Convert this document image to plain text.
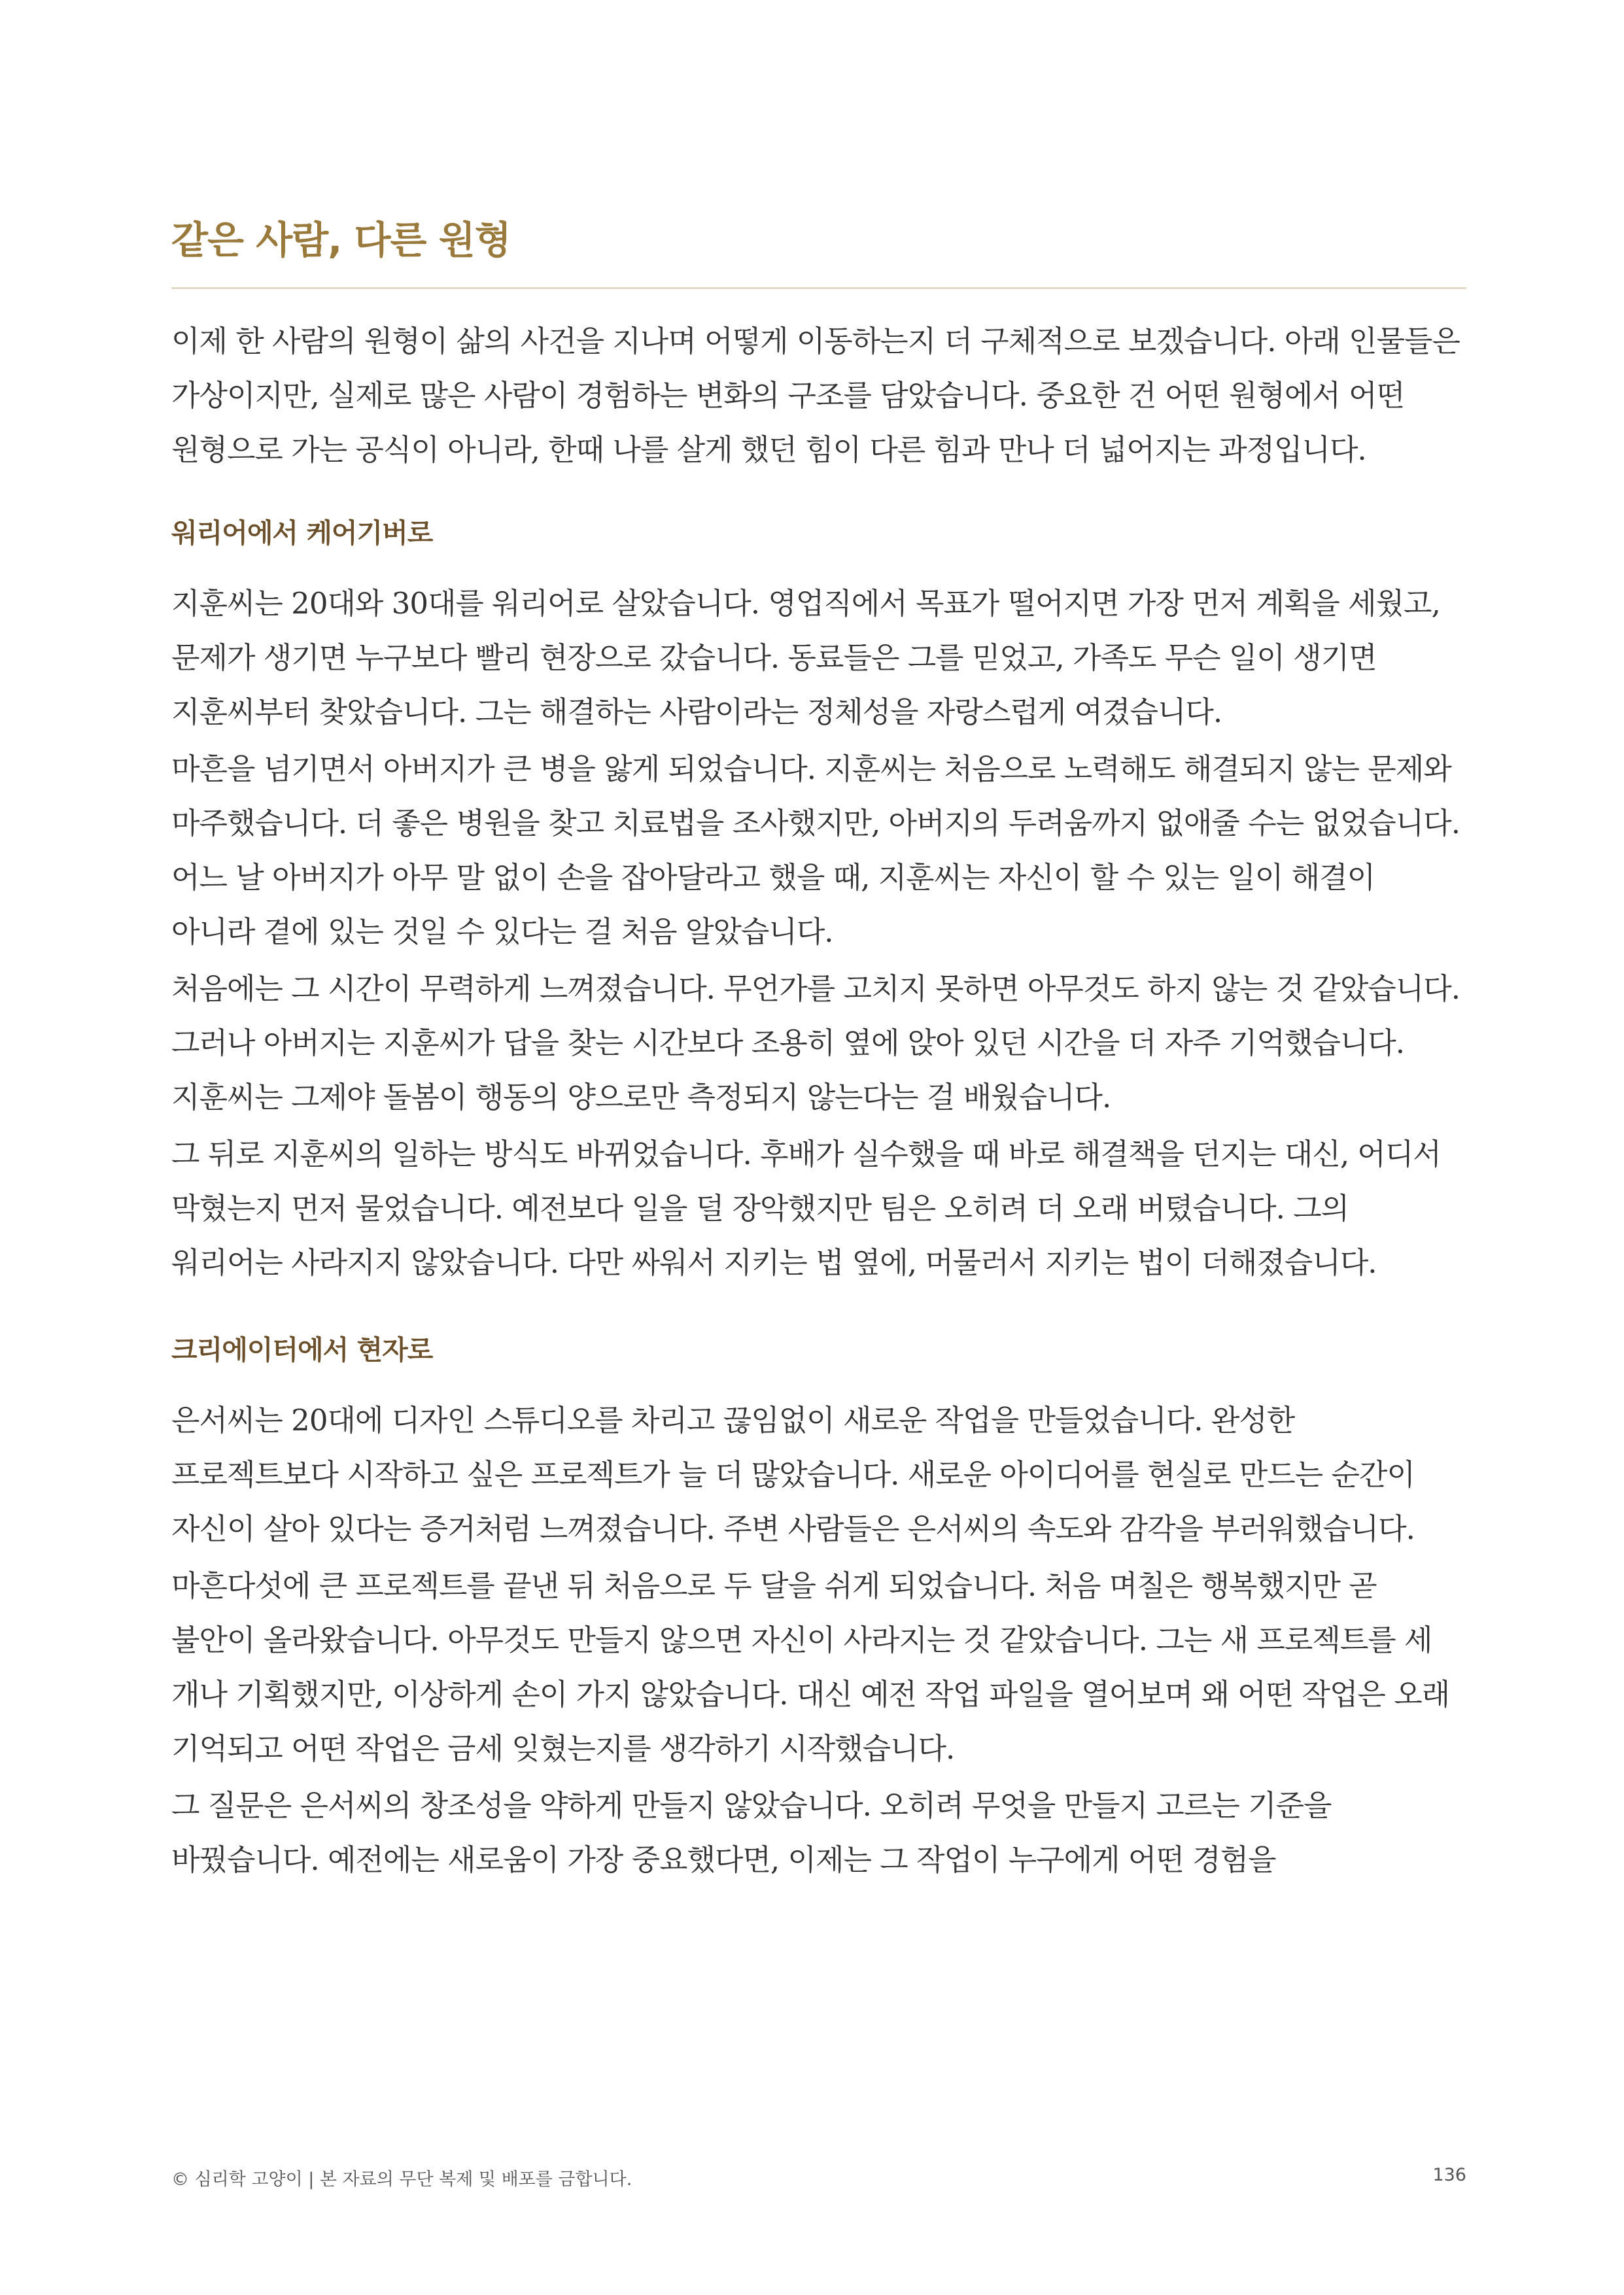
같은 사람, 다른 원형

이제 한 사람의 원형이 삶의 사건을 지나며 어떻게 이동하는지 더 구체적으로 보겠습니다. 아래 인물들은 가상이지만, 실제로 많은 사람이 경험하는 변화의 구조를 담았습니다. 중요한 건 어떤 원형에서 어떤 원형으로 가는 공식이 아니라, 한때 나를 살게 했던 힘이 다른 힘과 만나 더 넓어지는 과정입니다.

워리어에서 케어기버로

지훈씨는 20대와 30대를 워리어로 살았습니다. 영업직에서 목표가 떨어지면 가장 먼저 계획을 세웠고, 문제가 생기면 누구보다 빨리 현장으로 갔습니다. 동료들은 그를 믿었고, 가족도 무슨 일이 생기면 지훈씨부터 찾았습니다. 그는 해결하는 사람이라는 정체성을 자랑스럽게 여겼습니다.

마흔을 넘기면서 아버지가 큰 병을 앓게 되었습니다. 지훈씨는 처음으로 노력해도 해결되지 않는 문제와 마주했습니다. 더 좋은 병원을 찾고 치료법을 조사했지만, 아버지의 두려움까지 없애줄 수는 없었습니다. 어느 날 아버지가 아무 말 없이 손을 잡아달라고 했을 때, 지훈씨는 자신이 할 수 있는 일이 해결이 아니라 곁에 있는 것일 수 있다는 걸 처음 알았습니다.

처음에는 그 시간이 무력하게 느껴졌습니다. 무언가를 고치지 못하면 아무것도 하지 않는 것 같았습니다. 그러나 아버지는 지훈씨가 답을 찾는 시간보다 조용히 옆에 앉아 있던 시간을 더 자주 기억했습니다. 지훈씨는 그제야 돌봄이 행동의 양으로만 측정되지 않는다는 걸 배웠습니다.

그 뒤로 지훈씨의 일하는 방식도 바뀌었습니다. 후배가 실수했을 때 바로 해결책을 던지는 대신, 어디서 막혔는지 먼저 물었습니다. 예전보다 일을 덜 장악했지만 팀은 오히려 더 오래 버텼습니다. 그의 워리어는 사라지지 않았습니다. 다만 싸워서 지키는 법 옆에, 머물러서 지키는 법이 더해졌습니다.

크리에이터에서 현자로

은서씨는 20대에 디자인 스튜디오를 차리고 끊임없이 새로운 작업을 만들었습니다. 완성한 프로젝트보다 시작하고 싶은 프로젝트가 늘 더 많았습니다. 새로운 아이디어를 현실로 만드는 순간이 자신이 살아 있다는 증거처럼 느껴졌습니다. 주변 사람들은 은서씨의 속도와 감각을 부러워했습니다.

마흔다섯에 큰 프로젝트를 끝낸 뒤 처음으로 두 달을 쉬게 되었습니다. 처음 며칠은 행복했지만 곧 불안이 올라왔습니다. 아무것도 만들지 않으면 자신이 사라지는 것 같았습니다. 그는 새 프로젝트를 세 개나 기획했지만, 이상하게 손이 가지 않았습니다. 대신 예전 작업 파일을 열어보며 왜 어떤 작업은 오래 기억되고 어떤 작업은 금세 잊혔는지를 생각하기 시작했습니다.

그 질문은 은서씨의 창조성을 약하게 만들지 않았습니다. 오히려 무엇을 만들지 고르는 기준을 바꿨습니다. 예전에는 새로움이 가장 중요했다면, 이제는 그 작업이 누구에게 어떤 경험을

© 심리학 고양이 | 본 자료의 무단 복제 및 배포를 금합니다.	136
